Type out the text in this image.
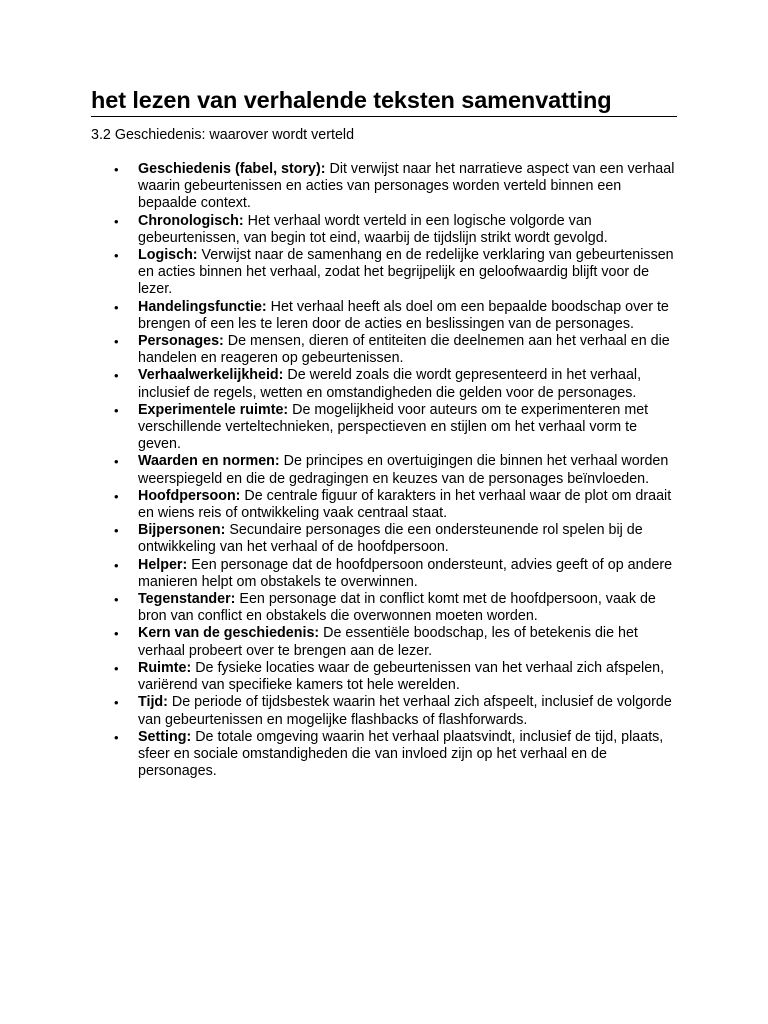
het lezen van verhalende teksten samenvatting

3.2 Geschiedenis: waarover wordt verteld

• Geschiedenis (fabel, story): Dit verwijst naar het narratieve aspect van een verhaal waarin gebeurtenissen en acties van personages worden verteld binnen een bepaalde context.
• Chronologisch: Het verhaal wordt verteld in een logische volgorde van gebeurtenissen, van begin tot eind, waarbij de tijdslijn strikt wordt gevolgd.
• Logisch: Verwijst naar de samenhang en de redelijke verklaring van gebeurtenissen en acties binnen het verhaal, zodat het begrijpelijk en geloofwaardig blijft voor de lezer.
• Handelingsfunctie: Het verhaal heeft als doel om een bepaalde boodschap over te brengen of een les te leren door de acties en beslissingen van de personages.
• Personages: De mensen, dieren of entiteiten die deelnemen aan het verhaal en die handelen en reageren op gebeurtenissen.
• Verhaalwerkelijkheid: De wereld zoals die wordt gepresenteerd in het verhaal, inclusief de regels, wetten en omstandigheden die gelden voor de personages.
• Experimentele ruimte: De mogelijkheid voor auteurs om te experimenteren met verschillende verteltechnieken, perspectieven en stijlen om het verhaal vorm te geven.
• Waarden en normen: De principes en overtuigingen die binnen het verhaal worden weerspiegeld en die de gedragingen en keuzes van de personages beïnvloeden.
• Hoofdpersoon: De centrale figuur of karakters in het verhaal waar de plot om draait en wiens reis of ontwikkeling vaak centraal staat.
• Bijpersonen: Secundaire personages die een ondersteunende rol spelen bij de ontwikkeling van het verhaal of de hoofdpersoon.
• Helper: Een personage dat de hoofdpersoon ondersteunt, advies geeft of op andere manieren helpt om obstakels te overwinnen.
• Tegenstander: Een personage dat in conflict komt met de hoofdpersoon, vaak de bron van conflict en obstakels die overwonnen moeten worden.
• Kern van de geschiedenis: De essentiële boodschap, les of betekenis die het verhaal probeert over te brengen aan de lezer.
• Ruimte: De fysieke locaties waar de gebeurtenissen van het verhaal zich afspelen, variërend van specifieke kamers tot hele werelden.
• Tijd: De periode of tijdsbestek waarin het verhaal zich afspeelt, inclusief de volgorde van gebeurtenissen en mogelijke flashbacks of flashforwards.
• Setting: De totale omgeving waarin het verhaal plaatsvindt, inclusief de tijd, plaats, sfeer en sociale omstandigheden die van invloed zijn op het verhaal en de personages.
